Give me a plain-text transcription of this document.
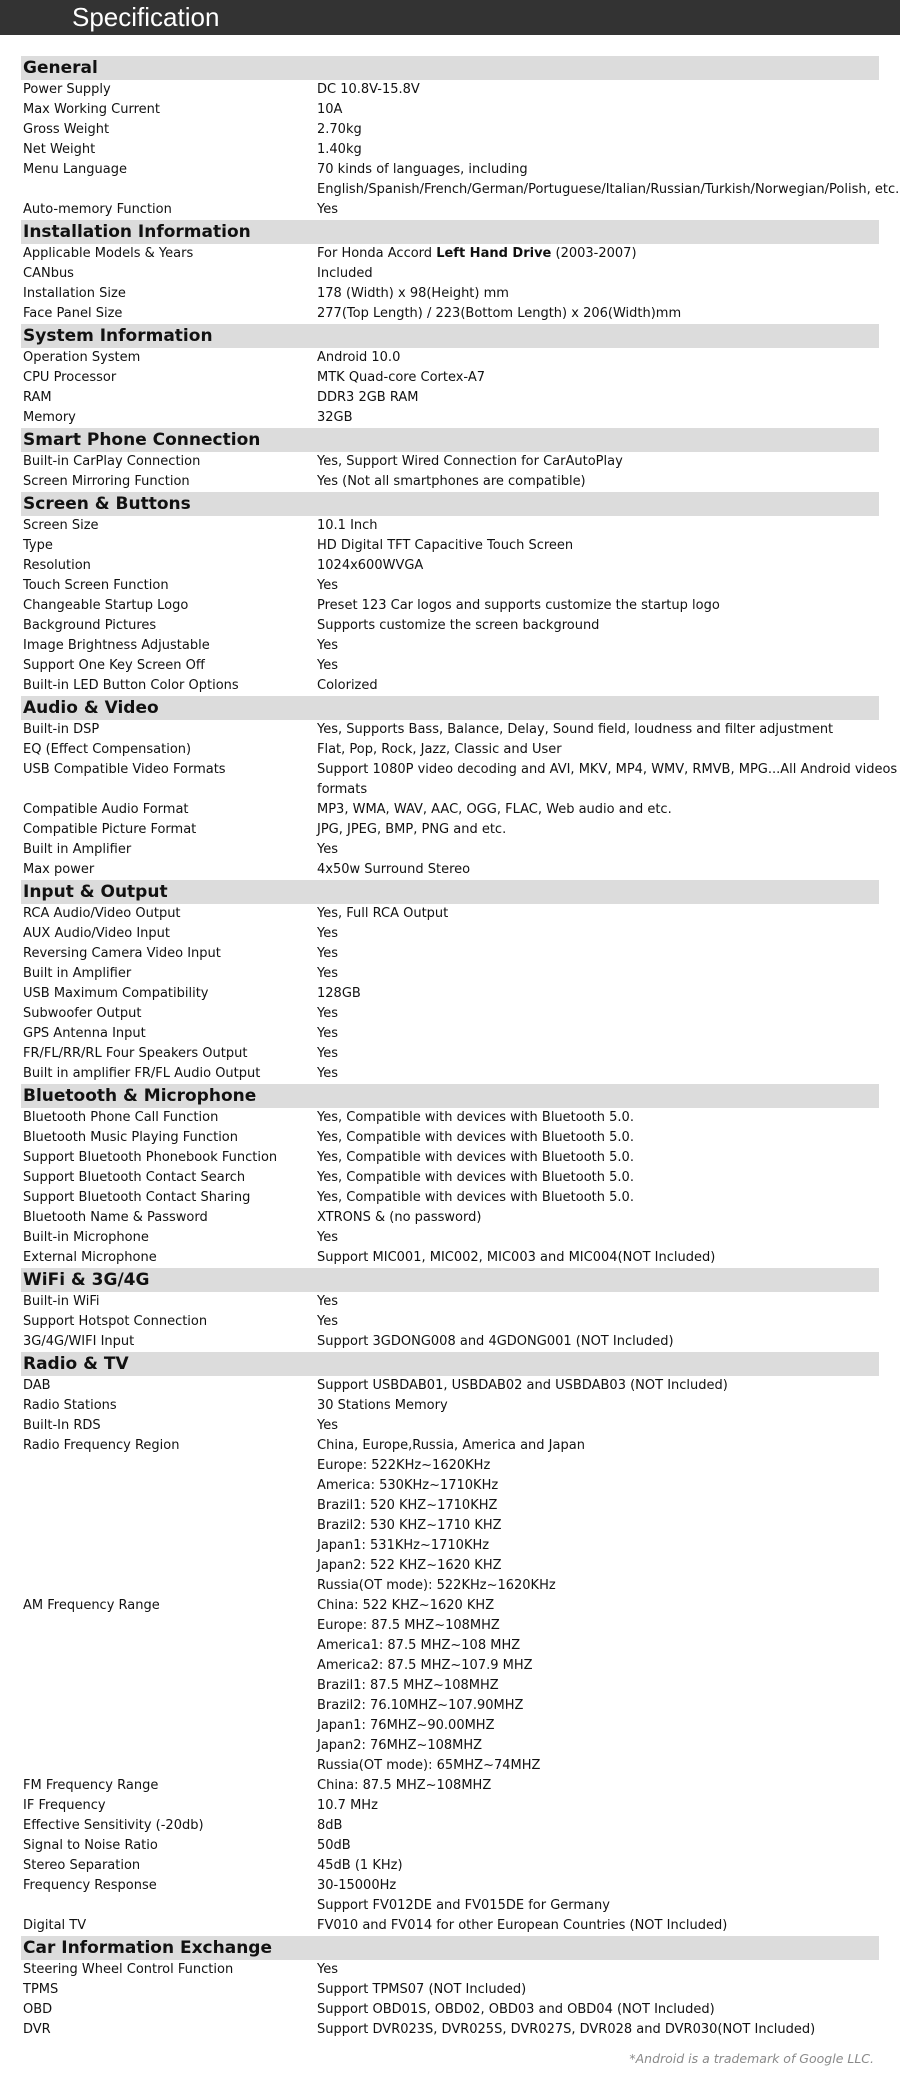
Specification
General
Power Supply	DC 10.8V-15.8V
Max Working Current	10A
Gross Weight	2.70kg
Net Weight	1.40kg
Menu Language	70 kinds of languages, including
English/Spanish/French/German/Portuguese/Italian/Russian/Turkish/Norwegian/Polish, etc.
Auto-memory Function	Yes
Installation Information
Applicable Models & Years	For Honda Accord Left Hand Drive (2003-2007)
CANbus	Included
Installation Size	178 (Width) x 98(Height) mm
Face Panel Size	277(Top Length) / 223(Bottom Length) x 206(Width)mm
System Information
Operation System	Android 10.0
CPU Processor	MTK Quad-core Cortex-A7
RAM	DDR3 2GB RAM
Memory	32GB
Smart Phone Connection
Built-in CarPlay Connection	Yes, Support Wired Connection for CarAutoPlay
Screen Mirroring Function	Yes (Not all smartphones are compatible)
Screen & Buttons
Screen Size	10.1 Inch
Type	HD Digital TFT Capacitive Touch Screen
Resolution	1024x600WVGA
Touch Screen Function	Yes
Changeable Startup Logo	Preset 123 Car logos and supports customize the startup logo
Background Pictures	Supports customize the screen background
Image Brightness Adjustable	Yes
Support One Key Screen Off	Yes
Built-in LED Button Color Options	Colorized
Audio & Video
Built-in DSP	Yes, Supports Bass, Balance, Delay, Sound field, loudness and filter adjustment
EQ (Effect Compensation)	Flat, Pop, Rock, Jazz, Classic and User
USB Compatible Video Formats	Support 1080P video decoding and AVI, MKV, MP4, WMV, RMVB, MPG...All Android videos
formats
Compatible Audio Format	MP3, WMA, WAV, AAC, OGG, FLAC, Web audio and etc.
Compatible Picture Format	JPG, JPEG, BMP, PNG and etc.
Built in Amplifier	Yes
Max power	4x50w Surround Stereo
Input & Output
RCA Audio/Video Output	Yes, Full RCA Output
AUX Audio/Video Input	Yes
Reversing Camera Video Input	Yes
Built in Amplifier	Yes
USB Maximum Compatibility	128GB
Subwoofer Output	Yes
GPS Antenna Input	Yes
FR/FL/RR/RL Four Speakers Output	Yes
Built in amplifier FR/FL Audio Output	Yes
Bluetooth & Microphone
Bluetooth Phone Call Function	Yes, Compatible with devices with Bluetooth 5.0.
Bluetooth Music Playing Function	Yes, Compatible with devices with Bluetooth 5.0.
Support Bluetooth Phonebook Function	Yes, Compatible with devices with Bluetooth 5.0.
Support Bluetooth Contact Search	Yes, Compatible with devices with Bluetooth 5.0.
Support Bluetooth Contact Sharing	Yes, Compatible with devices with Bluetooth 5.0.
Bluetooth Name & Password	XTRONS & (no password)
Built-in Microphone	Yes
External Microphone	Support MIC001, MIC002, MIC003 and MIC004(NOT Included)
WiFi & 3G/4G
Built-in WiFi	Yes
Support Hotspot Connection	Yes
3G/4G/WIFI Input	Support 3GDONG008 and 4GDONG001 (NOT Included)
Radio & TV
DAB	Support USBDAB01, USBDAB02 and USBDAB03 (NOT Included)
Radio Stations	30 Stations Memory
Built-In RDS	Yes
Radio Frequency Region	China, Europe,Russia, America and Japan
Europe: 522KHz~1620KHz
America: 530KHz~1710KHz
Brazil1: 520 KHZ~1710KHZ
Brazil2: 530 KHZ~1710 KHZ
Japan1: 531KHz~1710KHz
Japan2: 522 KHZ~1620 KHZ
Russia(OT mode): 522KHz~1620KHz
AM Frequency Range	China: 522 KHZ~1620 KHZ
Europe: 87.5 MHZ~108MHZ
America1: 87.5 MHZ~108 MHZ
America2: 87.5 MHZ~107.9 MHZ
Brazil1: 87.5 MHZ~108MHZ
Brazil2: 76.10MHZ~107.90MHZ
Japan1: 76MHZ~90.00MHZ
Japan2: 76MHZ~108MHZ
Russia(OT mode): 65MHZ~74MHZ
FM Frequency Range	China: 87.5 MHZ~108MHZ
IF Frequency	10.7 MHz
Effective Sensitivity (-20db)	8dB
Signal to Noise Ratio	50dB
Stereo Separation	45dB (1 KHz)
Frequency Response	30-15000Hz
Support FV012DE and FV015DE for Germany
Digital TV	FV010 and FV014 for other European Countries (NOT Included)
Car Information Exchange
Steering Wheel Control Function	Yes
TPMS	Support TPMS07 (NOT Included)
OBD	Support OBD01S, OBD02, OBD03 and OBD04 (NOT Included)
DVR	Support DVR023S, DVR025S, DVR027S, DVR028 and DVR030(NOT Included)
*Android is a trademark of Google LLC.
